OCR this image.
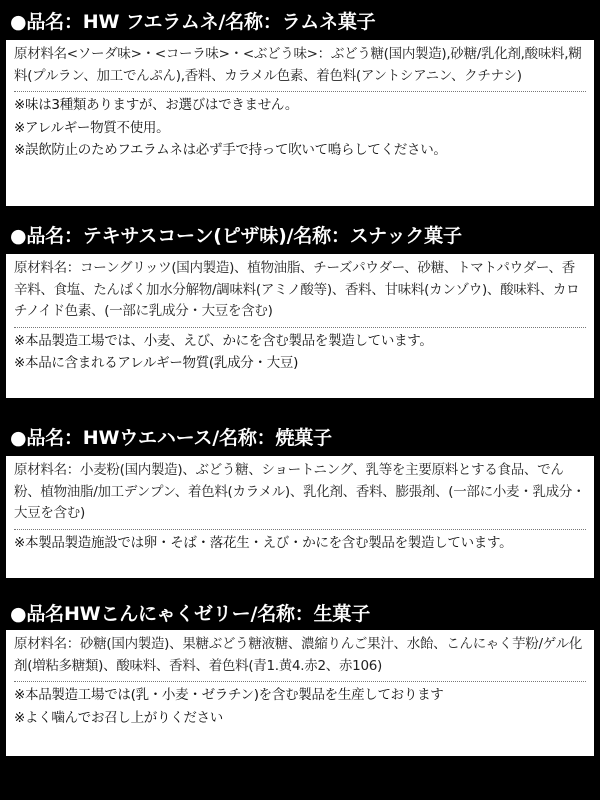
●品名：HW フエラムネ/名称：ラムネ菓子

原材料名<ソーダ味>・<コーラ味>・<ぶどう味>：ぶどう糖(国内製造),砂糖/乳化剤,酸味料,糊料(プルラン、加工でんぷん),香料、カラメル色素、着色料(アントシアニン、クチナシ)

※味は3種類ありますが、お選びはできません。

※アレルギー物質不使用。

※誤飲防止のためフエラムネは必ず手で持って吹いて鳴らしてください。

●品名：テキサスコーン(ピザ味)/名称：スナック菓子

原材料名：コーングリッツ(国内製造)、植物油脂、チーズパウダー、砂糖、トマトパウダー、香辛料、食塩、たんぱく加水分解物/調味料(アミノ酸等)、香料、甘味料(カンゾウ)、酸味料、カロチノイド色素、(一部に乳成分・大豆を含む)

※本品製造工場では、小麦、えび、かにを含む製品を製造しています。

※本品に含まれるアレルギー物質(乳成分・大豆)

●品名：HWウエハース/名称：焼菓子

原材料名：小麦粉(国内製造)、ぶどう糖、ショートニング、乳等を主要原料とする食品、でん粉、植物油脂/加工デンプン、着色料(カラメル)、乳化剤、香料、膨張剤、(一部に小麦・乳成分・大豆を含む)

※本製品製造施設では卵・そば・落花生・えび・かにを含む製品を製造しています。

●品名HWこんにゃくゼリー/名称：生菓子

原材料名：砂糖(国内製造)、果糖ぶどう糖液糖、濃縮りんご果汁、水飴、こんにゃく芋粉/ゲル化剤(増粘多糖類)、酸味料、香料、着色料(青1.黄4.赤2、赤106)

※本品製造工場では(乳・小麦・ゼラチン)を含む製品を生産しております

※よく噛んでお召し上がりください
